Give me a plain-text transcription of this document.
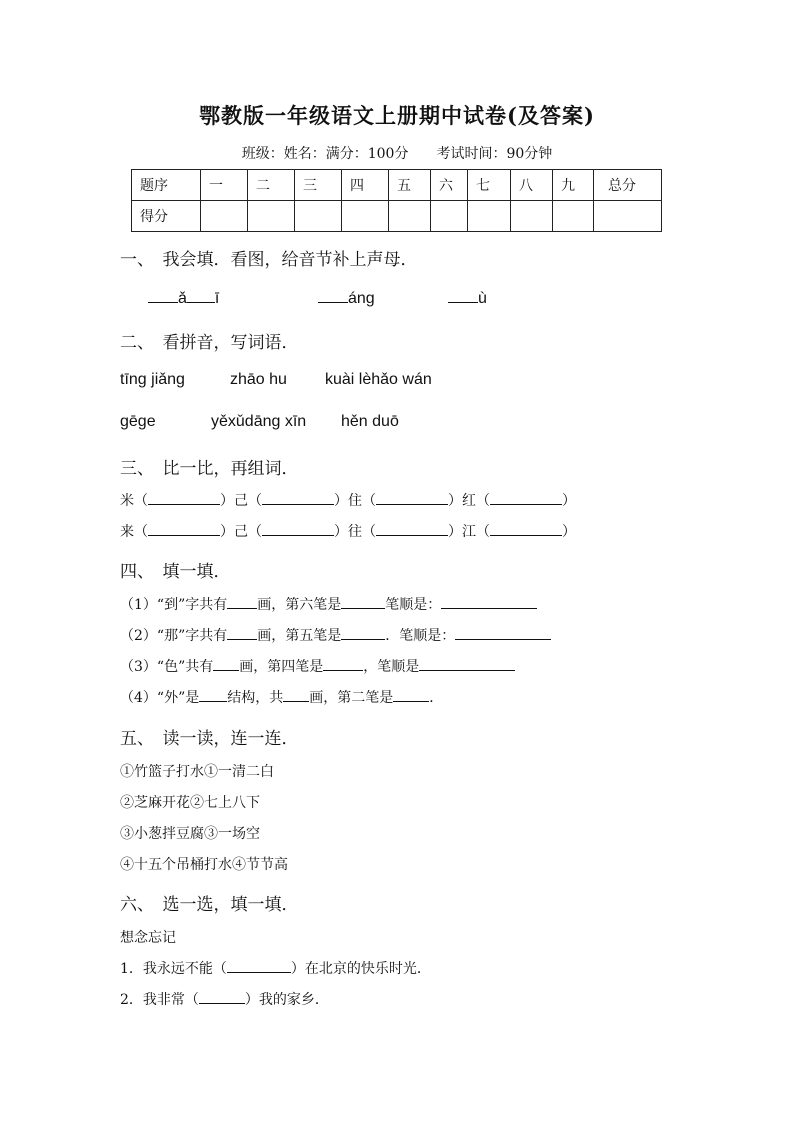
鄂教版一年级语文上册期中试卷(及答案)
班级：姓名：满分：100分　　考试时间：90分钟
题序	一	二	三	四	五	六	七	八	九	总分
得分										
一、　我会填．看图，给音节补上声母．
ǎ ī	áng	ù
二、　看拼音，写词语．
tīng jiǎng	zhāo hu kuài lèhǎo wán
gēge	yěxǔdāng xīn hěn duō
三、　比一比，再组词．
米（	）己（	）住（	）红（	）
来（	）己（	）往（	）江（	）
四、　填一填．
（1）“到”字共有 画，第六笔是	笔顺是：
（2）“那”字共有 画，第五笔是	．笔顺是：
（3）“色”共有 画，第四笔是	，笔顺是
（4）“外”是 结构，共 画，第二笔是	．
五、　读一读，连一连．
①竹篮子打水①一清二白
②芝麻开花②七上八下
③小葱拌豆腐③一场空
④十五个吊桶打水④节节高
六、　选一选，填一填．
想念忘记
1．我永远不能（	）在北京的快乐时光．
2．我非常（	）我的家乡．
